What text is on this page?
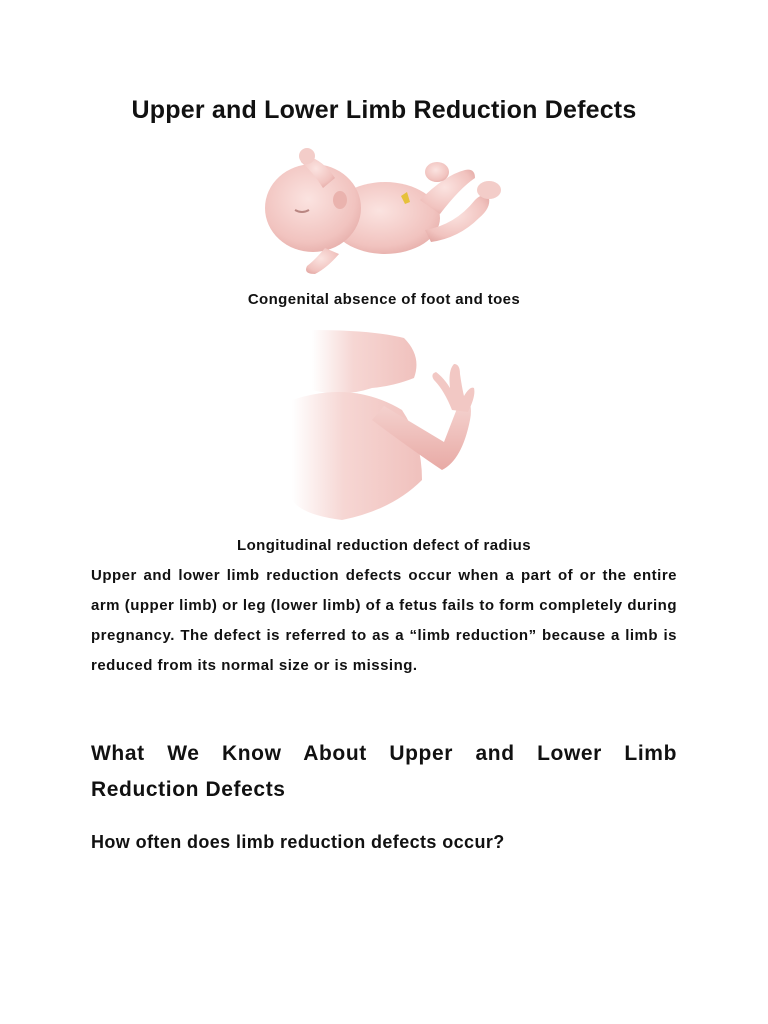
Upper and Lower Limb Reduction Defects

Congenital absence of foot and toes

Longitudinal reduction defect of radius

Upper and lower limb reduction defects occur when a part of or the entire arm (upper limb) or leg (lower limb) of a fetus fails to form completely during pregnancy. The defect is referred to as a “limb reduction” because a limb is reduced from its normal size or is missing.

What We Know About Upper and Lower Limb Reduction Defects
How often does limb reduction defects occur?
